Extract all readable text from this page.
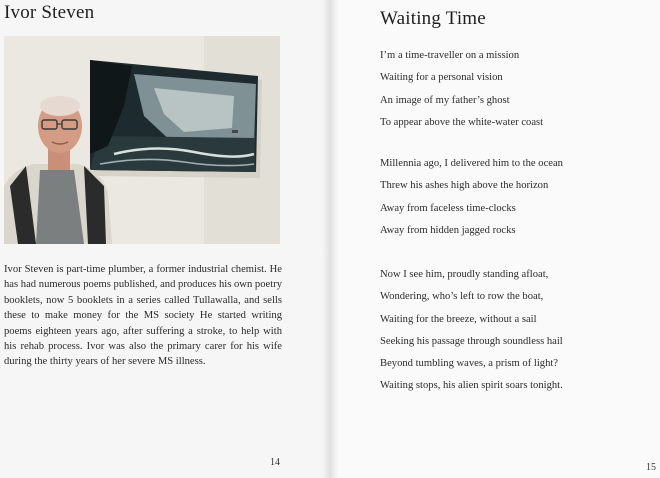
Ivor Steven

Ivor Steven is part-time plumber, a former industrial chemist. He has had numerous poems published, and produces his own poetry booklets, now 5 booklets in a series called Tullawalla, and sells these to make money for the MS society He started writing poems eighteen years ago, after suffering a stroke, to help with his rehab process. Ivor was also the primary carer for his wife during the thirty years of her severe MS illness.

14
Waiting Time
I’m a time-traveller on a mission
Waiting for a personal vision
An image of my father’s ghost
To appear above the white-water coast
Millennia ago, I delivered him to the ocean
Threw his ashes high above the horizon
Away from faceless time-clocks
Away from hidden jagged rocks
Now I see him, proudly standing afloat,
Wondering, who’s left to row the boat,
Waiting for the breeze, without a sail
Seeking his passage through soundless hail
Beyond tumbling waves, a prism of light?
Waiting stops, his alien spirit soars tonight.
15
